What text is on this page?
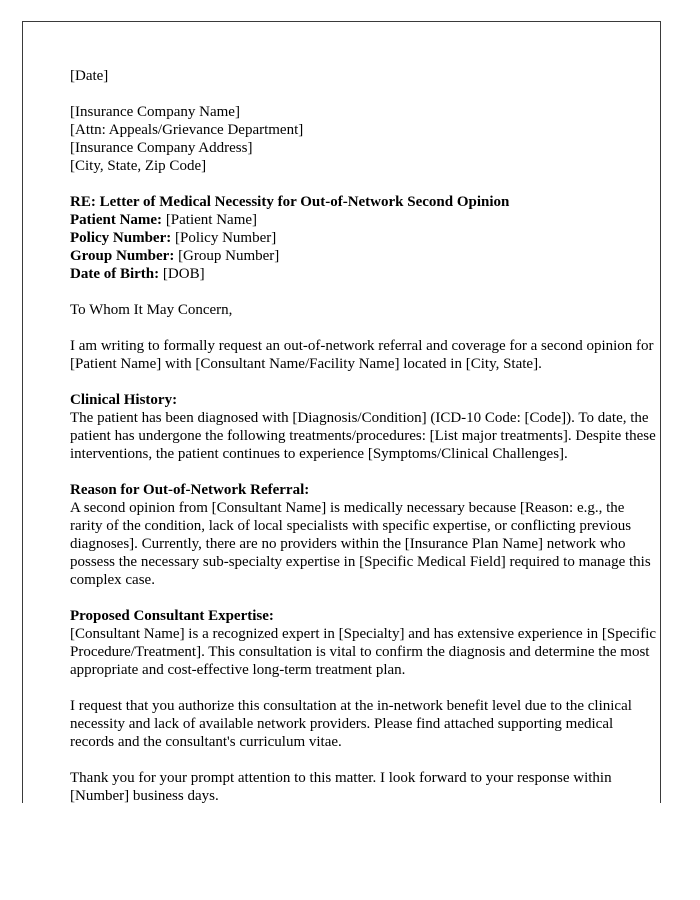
[Date]
[Insurance Company Name]
[Attn: Appeals/Grievance Department]
[Insurance Company Address]
[City, State, Zip Code]
RE: Letter of Medical Necessity for Out-of-Network Second Opinion
Patient Name: [Patient Name]
Policy Number: [Policy Number]
Group Number: [Group Number]
Date of Birth: [DOB]

To Whom It May Concern,

I am writing to formally request an out-of-network referral and coverage for a second opinion for [Patient Name] with [Consultant Name/Facility Name] located in [City, State].

Clinical History:
The patient has been diagnosed with [Diagnosis/Condition] (ICD-10 Code: [Code]). To date, the patient has undergone the following treatments/procedures: [List major treatments]. Despite these interventions, the patient continues to experience [Symptoms/Clinical Challenges].
Reason for Out-of-Network Referral:
A second opinion from [Consultant Name] is medically necessary because [Reason: e.g., the rarity of the condition, lack of local specialists with specific expertise, or conflicting previous diagnoses]. Currently, there are no providers within the [Insurance Plan Name] network who possess the necessary sub-specialty expertise in [Specific Medical Field] required to manage this complex case.
Proposed Consultant Expertise:
[Consultant Name] is a recognized expert in [Specialty] and has extensive experience in [Specific Procedure/Treatment]. This consultation is vital to confirm the diagnosis and determine the most appropriate and cost-effective long-term treatment plan.

I request that you authorize this consultation at the in-network benefit level due to the clinical necessity and lack of available network providers. Please find attached supporting medical records and the consultant's curriculum vitae.

Thank you for your prompt attention to this matter. I look forward to your response within [Number] business days.
